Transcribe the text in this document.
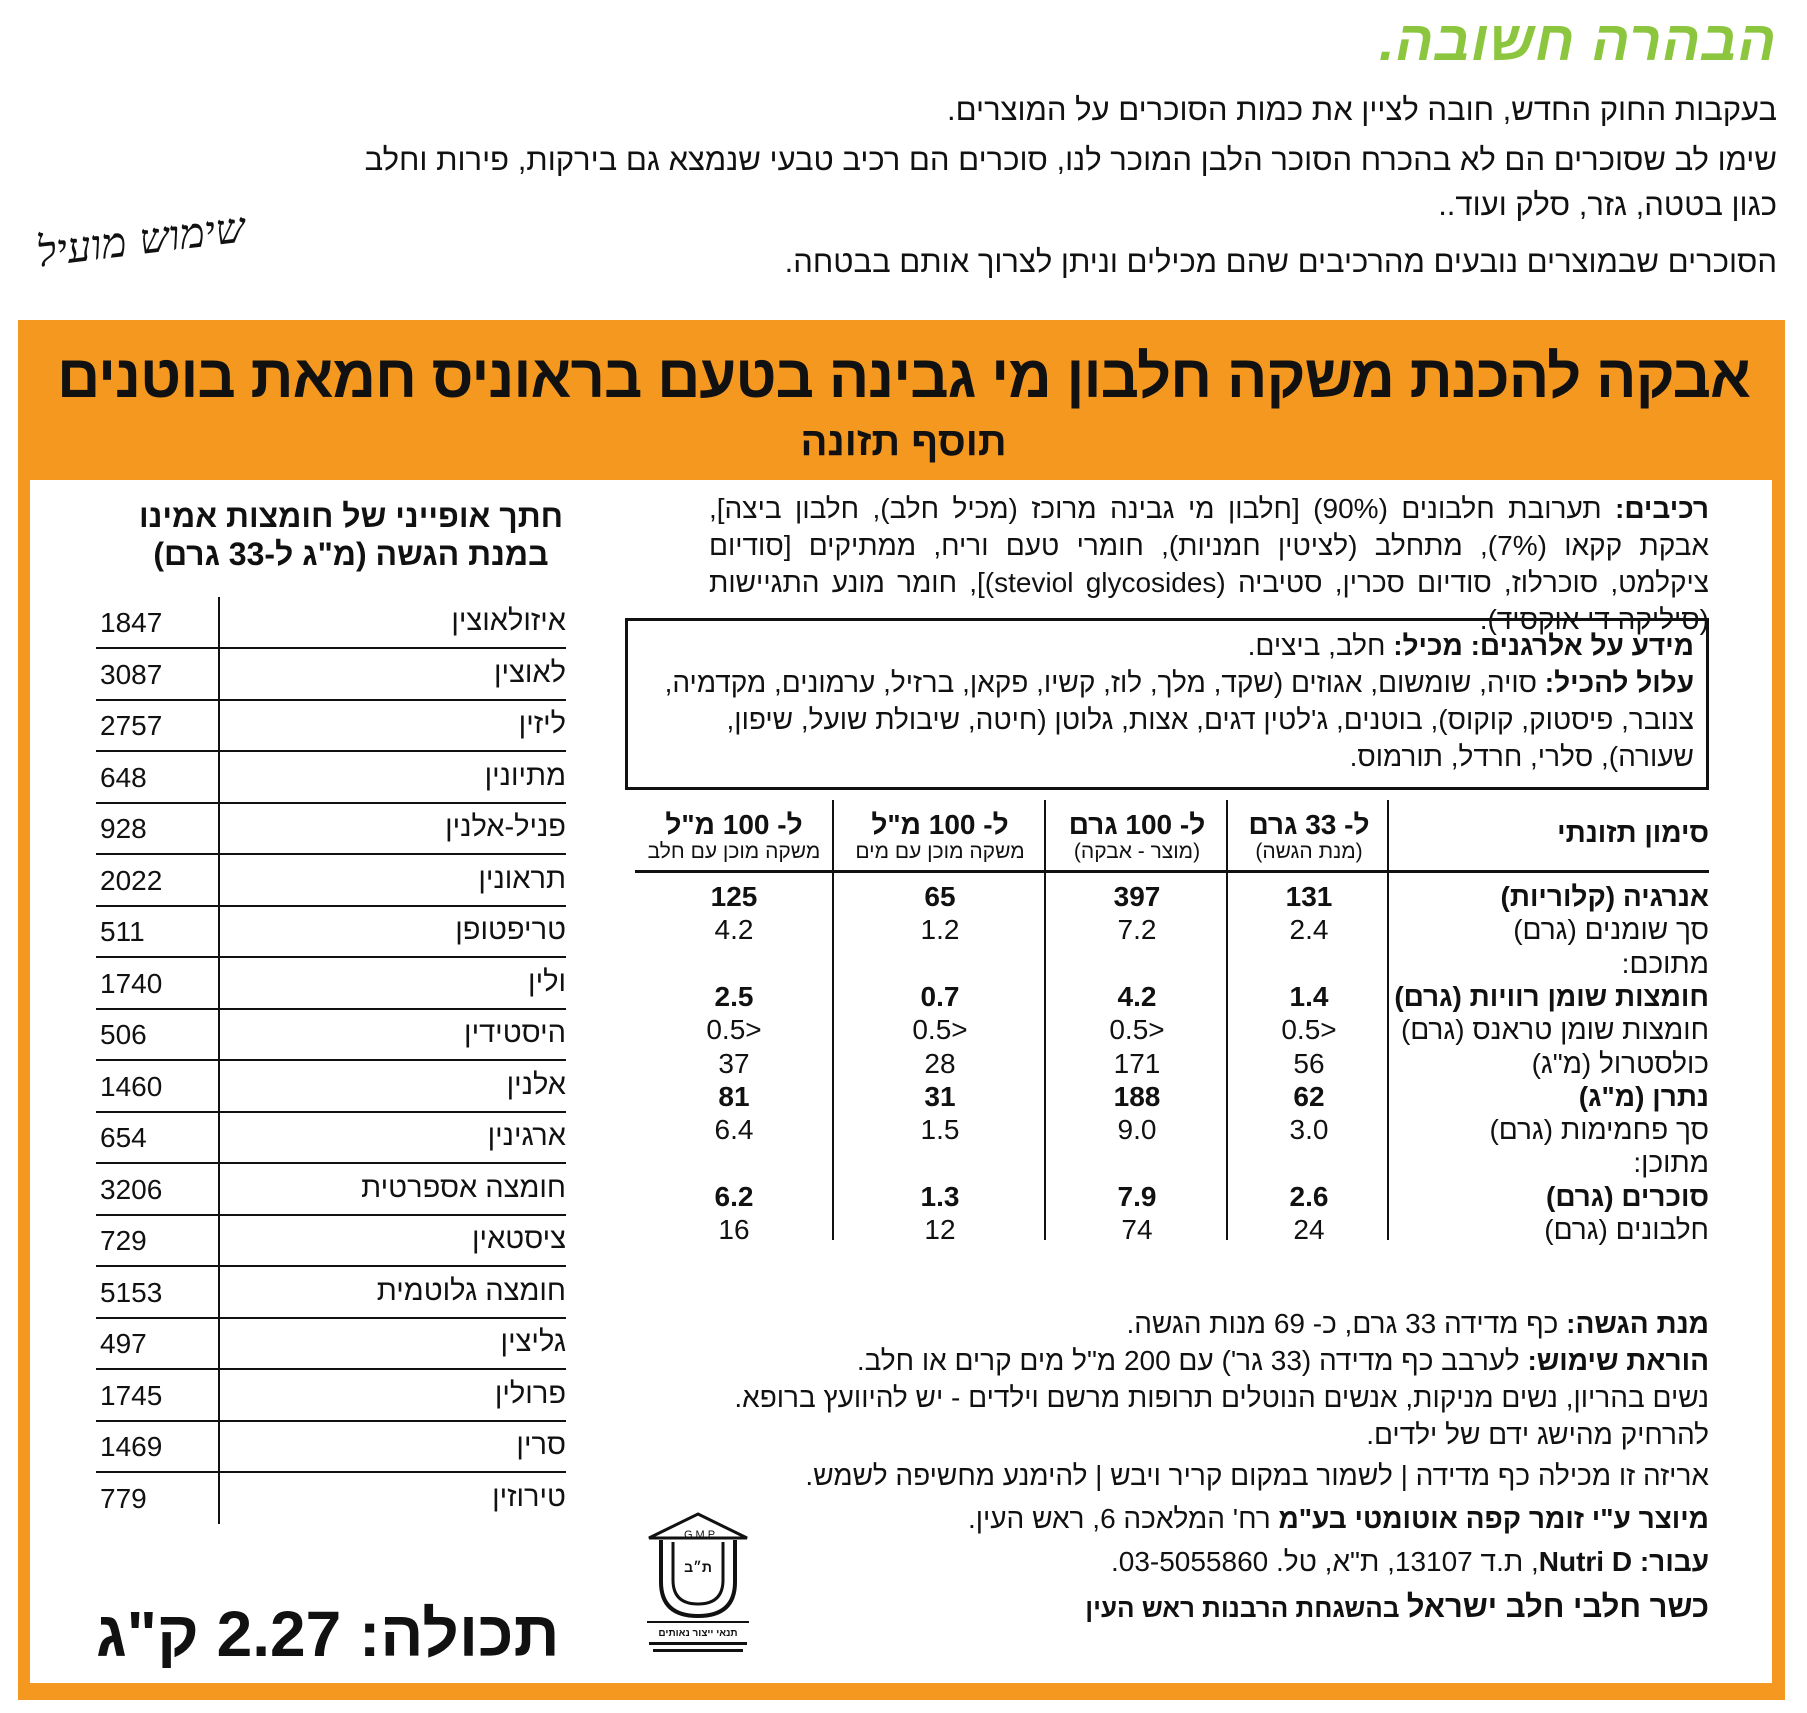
הבהרה חשובה.
בעקבות החוק החדש, חובה לציין את כמות הסוכרים על המוצרים.
שימו לב שסוכרים הם לא בהכרח הסוכר הלבן המוכר לנו, סוכרים הם רכיב טבעי שנמצא גם בירקות, פירות וחלב
כגון בטטה, גזר, סלק ועוד..
הסוכרים שבמוצרים נובעים מהרכיבים שהם מכילים וניתן לצרוך אותם בבטחה.
שימוש מועיל
אבקה להכנת משקה חלבון מי גבינה בטעם בראוניס חמאת בוטנים
תוסף תזונה
רכיבים: תערובת חלבונים (90%) [חלבון מי גבינה מרוכז (מכיל חלב), חלבון ביצה], אבקת קקאו (7%), מתחלב (לציטין חמניות), חומרי טעם וריח, ממתיקים [סודיום ציקלמט, סוכרלוז, סודיום סכרין, סטיביה (steviol glycosides)], חומר מונע התגיישות (סיליקה די אוקסיד).
מידע על אלרגנים: מכיל: חלב, ביצים.
עלול להכיל: סויה, שומשום, אגוזים (שקד, מלך, לוז, קשיו, פקאן, ברזיל, ערמונים, מקדמיה, צנובר, פיסטוק, קוקוס), בוטנים, ג'לטין דגים, אצות, גלוטן (חיטה, שיבולת שועל, שיפון, שעורה), סלרי, חרדל, תורמוס.
סימון תזונתי
ל- 33 גרם
(מנת הגשה)
ל- 100 גרם
(מוצר - אבקה)
ל- 100 מ"ל
משקה מוכן עם מים
ל- 100 מ"ל
משקה מוכן עם חלב
אנרגיה (קלוריות)
131
397
65
125
סך שומנים (גרם)
2.4
7.2
1.2
4.2
מתוכם:
חומצות שומן רוויות (גרם)
1.4
4.2
0.7
2.5
חומצות שומן טראנס (גרם)
<0.5
<0.5
<0.5
<0.5
כולסטרול (מ"ג)
56
171
28
37
נתרן (מ"ג)
62
188
31
81
סך פחמימות (גרם)
3.0
9.0
1.5
6.4
מתוכן:
סוכרים (גרם)
2.6
7.9
1.3
6.2
חלבונים (גרם)
24
74
12
16

מנת הגשה: כף מדידה 33 גרם, כ- 69 מנות הגשה.

הוראת שימוש: לערבב כף מדידה (33 גר') עם 200 מ"ל מים קרים או חלב.

נשים בהריון, נשים מניקות, אנשים הנוטלים תרופות מרשם וילדים - יש להיוועץ ברופא.

להרחיק מהישג ידם של ילדים.

אריזה זו מכילה כף מדידה | לשמור במקום קריר ויבש | להימנע מחשיפה לשמש.

מיוצר ע"י זומר קפה אוטומטי בע"מ רח' המלאכה 6, ראש העין.

עבור: Nutri D, ת.ד 13107, ת"א, טל. 03-5055860.

כשר חלבי חלב ישראל בהשגחת הרבנות ראש העין

G.M.P.
ת״ב
תנאי ייצור נאותים
חתך אופייני של חומצות אמינו
במנת הגשה (מ"ג ל-33 גרם)
איזולאוצין
1847
לאוצין
3087
ליזין
2757
מתיונין
648
פניל-אלנין
928
תראונין
2022
טריפטופן
511
ולין
1740
היסטידין
506
אלנין
1460
ארגינין
654
חומצה אספרטית
3206
ציסטאין
729
חומצה גלוטמית
5153
גליצין
497
פרולין
1745
סרין
1469
טירוזין
779
תכולה: 2.27 ק"ג
